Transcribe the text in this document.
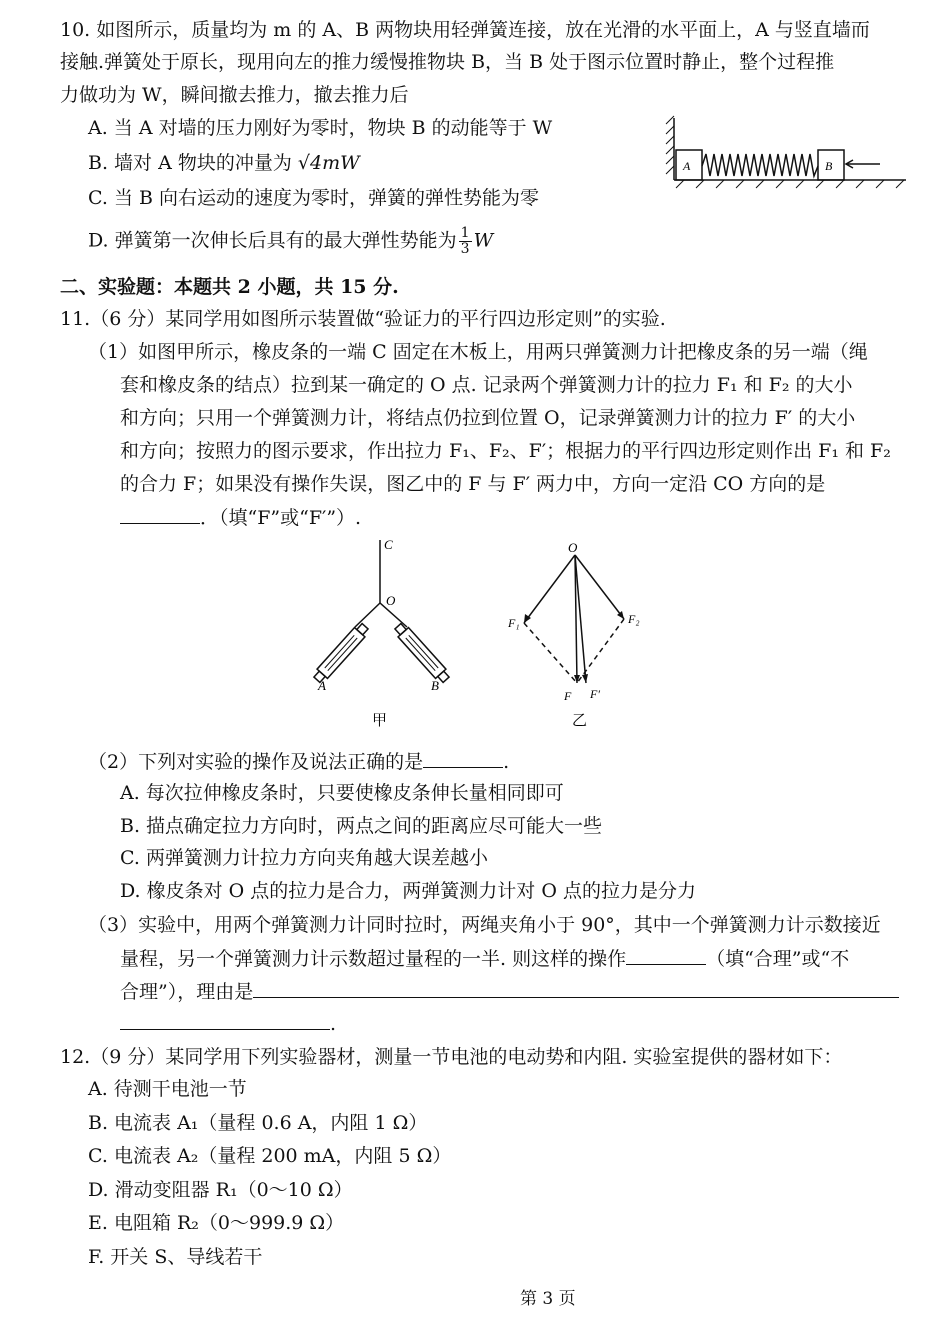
10. 如图所示，质量均为 m 的 A、B 两物块用轻弹簧连接，放在光滑的水平面上，A 与竖直墙而
接触.弹簧处于原长，现用向左的推力缓慢推物块 B，当 B 处于图示位置时静止，整个过程推
力做功为 W，瞬间撤去推力，撤去推力后
A. 当 A 对墙的压力刚好为零时，物块 B 的动能等于 W
B. 墙对 A 物块的冲量为 √4mW
C. 当 B 向右运动的速度为零时，弹簧的弹性势能为零
D. 弹簧第一次伸长后具有的最大弹性势能为 $\frac{1}{3}$ W
A	B
二、实验题：本题共 2 小题，共 15 分.
11.（6 分）某同学用如图所示装置做“验证力的平行四边形定则”的实验.
（1）如图甲所示，橡皮条的一端 C 固定在木板上，用两只弹簧测力计把橡皮条的另一端（绳
套和橡皮条的结点）拉到某一确定的 O 点. 记录两个弹簧测力计的拉力 F₁ 和 F₂ 的大小
和方向；只用一个弹簧测力计，将结点仍拉到位置 O，记录弹簧测力计的拉力 F′ 的大小
和方向；按照力的图示要求，作出拉力 F₁、F₂、F′；根据力的平行四边形定则作出 F₁ 和 F₂
的合力 F；如果没有操作失误，图乙中的 F 与 F′ 两力中，方向一定沿 CO 方向的是
．（填“F”或“F′”）.
C
O
A	B
甲
O
F₁	F₂
F F′
乙
（2）下列对实验的操作及说法正确的是	.
A. 每次拉伸橡皮条时，只要使橡皮条伸长量相同即可
B. 描点确定拉力方向时，两点之间的距离应尽可能大一些
C. 两弹簧测力计拉力方向夹角越大误差越小
D. 橡皮条对 O 点的拉力是合力，两弹簧测力计对 O 点的拉力是分力
（3）实验中，用两个弹簧测力计同时拉时，两绳夹角小于 90°，其中一个弹簧测力计示数接近
量程，另一个弹簧测力计示数超过量程的一半. 则这样的操作	（填“合理”或“不
合理”），理由是
.
12.（9 分）某同学用下列实验器材，测量一节电池的电动势和内阻. 实验室提供的器材如下：
A. 待测干电池一节
B. 电流表 A₁（量程 0.6 A，内阻 1 Ω）
C. 电流表 A₂（量程 200 mA，内阻 5 Ω）
D. 滑动变阻器 R₁（0～10 Ω）
E. 电阻箱 R₂（0～999.9 Ω）
F. 开关 S、导线若干
第 3 页
